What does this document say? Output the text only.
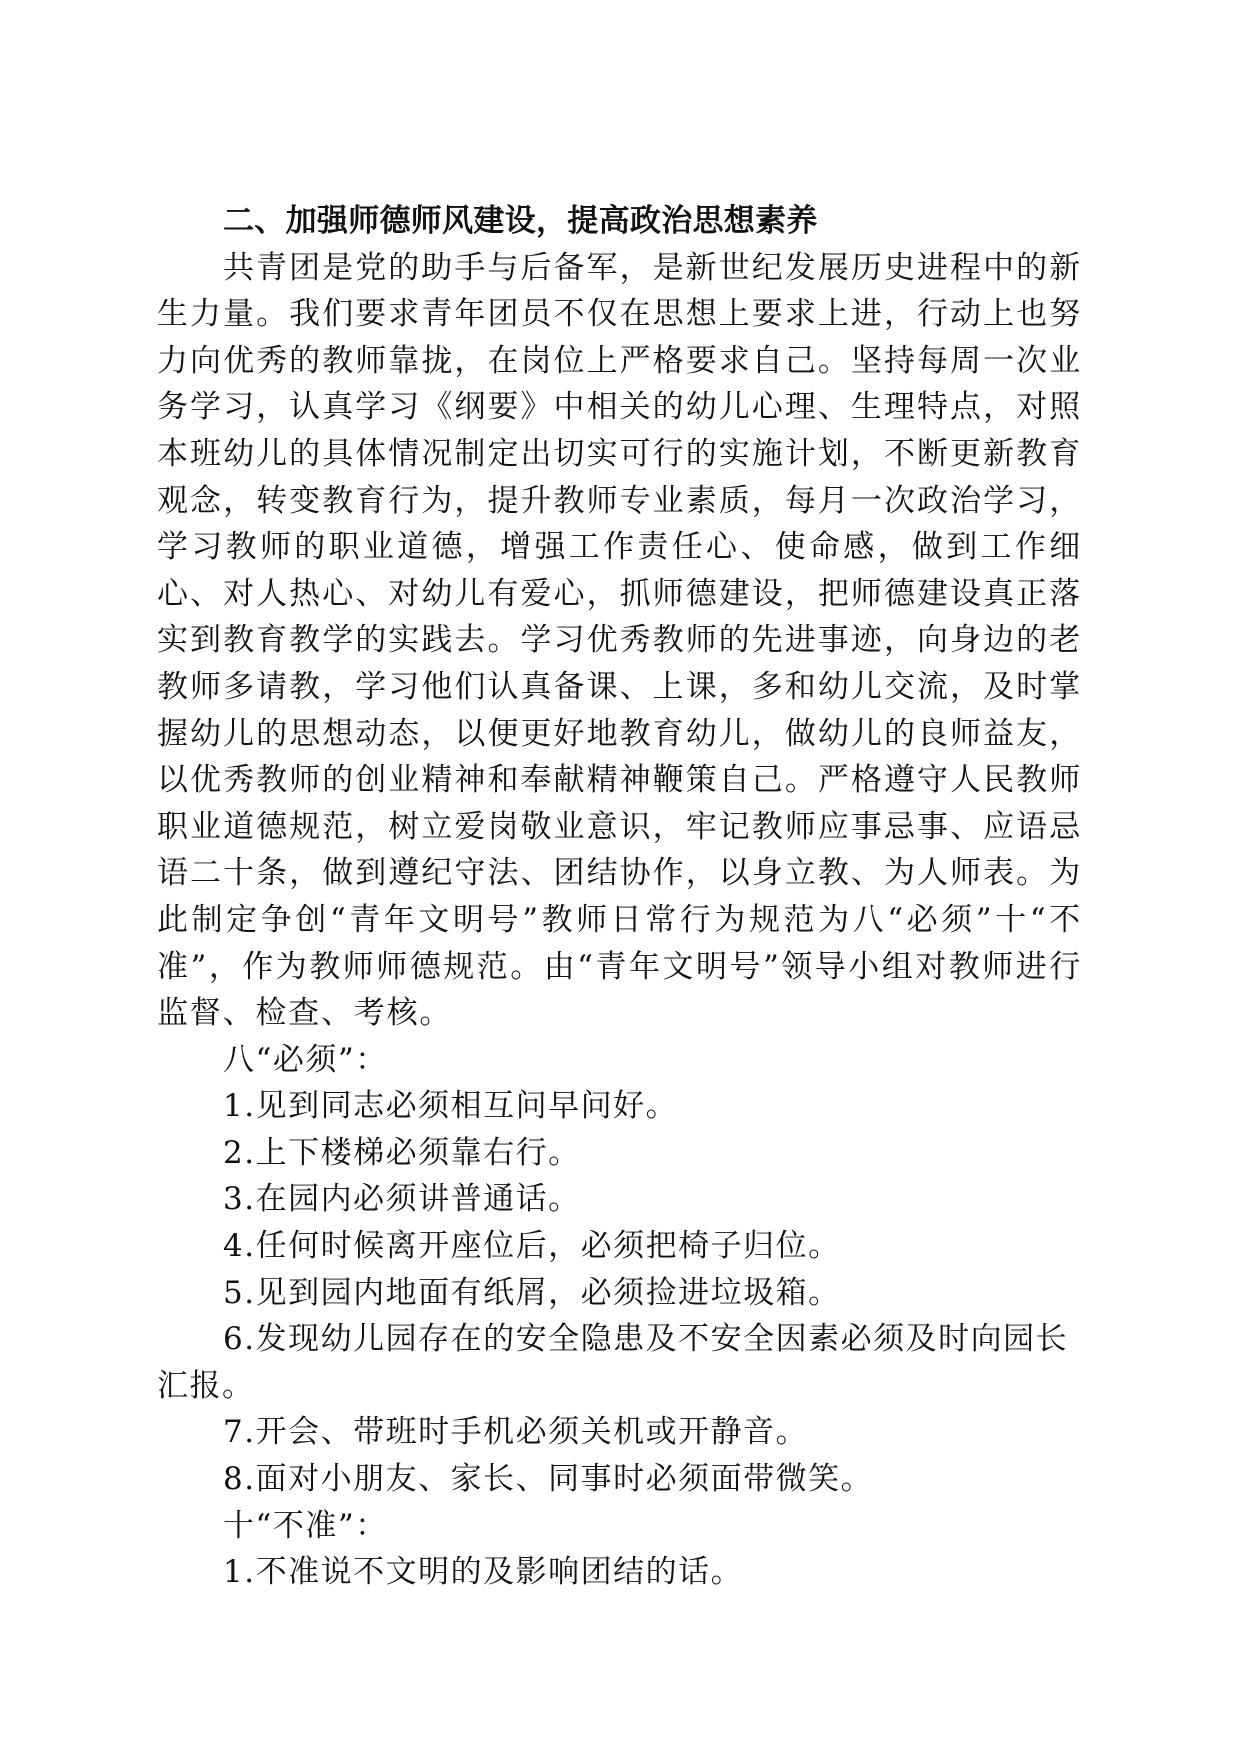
二、加强师德师风建设，提高政治思想素养

共青团是党的助手与后备军，是新世纪发展历史进程中的新生力量。我们要求青年团员不仅在思想上要求上进，行动上也努力向优秀的教师靠拢，在岗位上严格要求自己。坚持每周一次业务学习，认真学习《纲要》中相关的幼儿心理、生理特点，对照本班幼儿的具体情况制定出切实可行的实施计划，不断更新教育观念，转变教育行为，提升教师专业素质，每月一次政治学习，学习教师的职业道德，增强工作责任心、使命感，做到工作细心、对人热心、对幼儿有爱心，抓师德建设，把师德建设真正落实到教育教学的实践去。学习优秀教师的先进事迹，向身边的老教师多请教，学习他们认真备课、上课，多和幼儿交流，及时掌握幼儿的思想动态，以便更好地教育幼儿，做幼儿的良师益友，以优秀教师的创业精神和奉献精神鞭策自己。严格遵守人民教师职业道德规范，树立爱岗敬业意识，牢记教师应事忌事、应语忌语二十条，做到遵纪守法、团结协作，以身立教、为人师表。为此制定争创“青年文明号”教师日常行为规范为八“必须”十“不准”，作为教师师德规范。由“青年文明号”领导小组对教师进行监督、检查、考核。

八“必须”：

1.见到同志必须相互问早问好。

2.上下楼梯必须靠右行。

3.在园内必须讲普通话。

4.任何时候离开座位后，必须把椅子归位。

5.见到园内地面有纸屑，必须捡进垃圾箱。

6.发现幼儿园存在的安全隐患及不安全因素必须及时向园长汇报。

7.开会、带班时手机必须关机或开静音。

8.面对小朋友、家长、同事时必须面带微笑。

十“不准”：

1.不准说不文明的及影响团结的话。
